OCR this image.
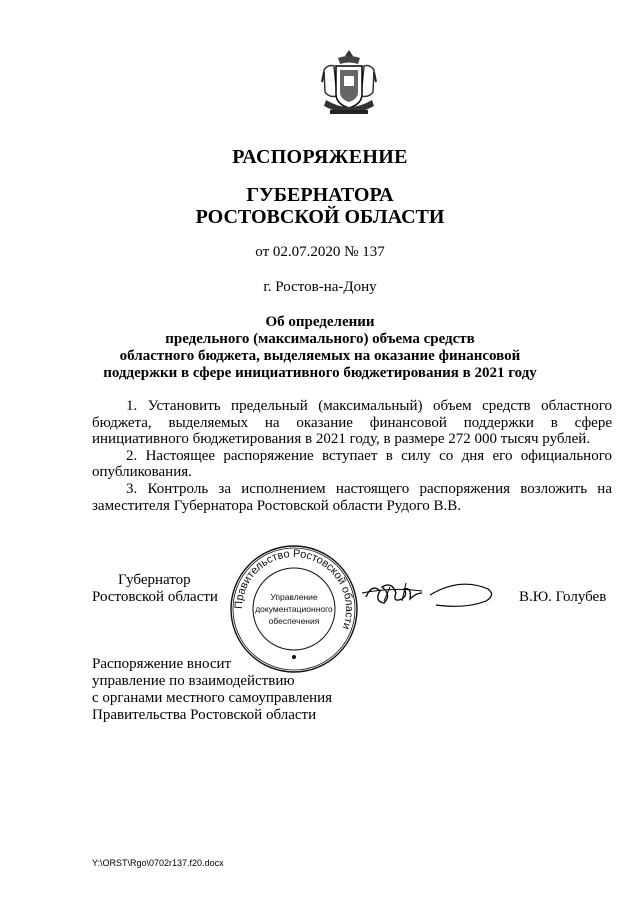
РАСПОРЯЖЕНИЕ
ГУБЕРНАТОРА
РОСТОВСКОЙ ОБЛАСТИ
от 02.07.2020 № 137
г. Ростов-на-Дону
Об определении
предельного (максимального) объема средств
областного бюджета, выделяемых на оказание финансовой
поддержки в сфере инициативного бюджетирования в 2021 году

1. Установить предельный (максимальный) объем средств областного бюджета, выделяемых на оказание финансовой поддержки в сфере инициативного бюджетирования в 2021 году, в размере 272 000 тысяч рублей.

2. Настоящее распоряжение вступает в силу со дня его официального опубликования.

3. Контроль за исполнением настоящего распоряжения возложить на заместителя Губернатора Ростовской области Рудого В.В.

Губернатор
Ростовской области	Правительство Ростовской области
Управление
документационного
обеспечения
В.Ю. Голубев
Распоряжение вносит
управление по взаимодействию
с органами местного самоуправления
Правительства Ростовской области
Y:\ORST\Rgo\0702r137.f20.docx
